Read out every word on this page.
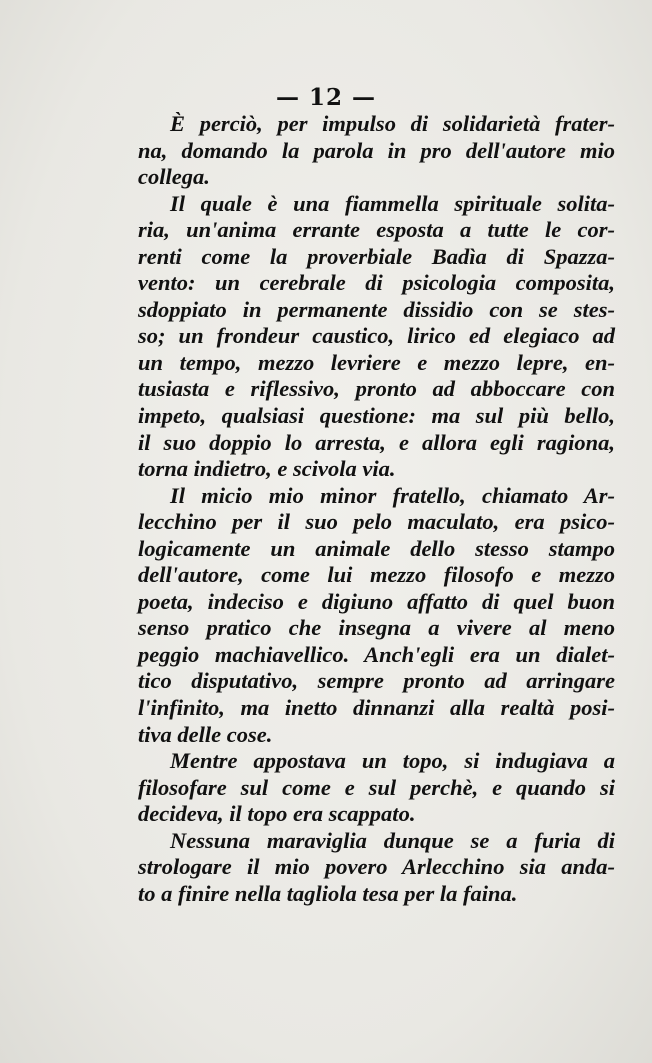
— 12 —
È perciò, per impulso di solidarietà frater-
na, domando la parola in pro dell'autore mio
collega.
Il quale è una fiammella spirituale solita-
ria, un'anima errante esposta a tutte le cor-
renti come la proverbiale Badìa di Spazza-
vento: un cerebrale di psicologia composita,
sdoppiato in permanente dissidio con se stes-
so; un frondeur caustico, lirico ed elegiaco ad
un tempo, mezzo levriere e mezzo lepre, en-
tusiasta e riflessivo, pronto ad abboccare con
impeto, qualsiasi questione: ma sul più bello,
il suo doppio lo arresta, e allora egli ragiona,
torna indietro, e scivola via.
Il micio mio minor fratello, chiamato Ar-
lecchino per il suo pelo maculato, era psico-
logicamente un animale dello stesso stampo
dell'autore, come lui mezzo filosofo e mezzo
poeta, indeciso e digiuno affatto di quel buon
senso pratico che insegna a vivere al meno
peggio machiavellico. Anch'egli era un dialet-
tico disputativo, sempre pronto ad arringare
l'infinito, ma inetto dinnanzi alla realtà posi-
tiva delle cose.
Mentre appostava un topo, si indugiava a
filosofare sul come e sul perchè, e quando si
decideva, il topo era scappato.
Nessuna maraviglia dunque se a furia di
strologare il mio povero Arlecchino sia anda-
to a finire nella tagliola tesa per la faina.
